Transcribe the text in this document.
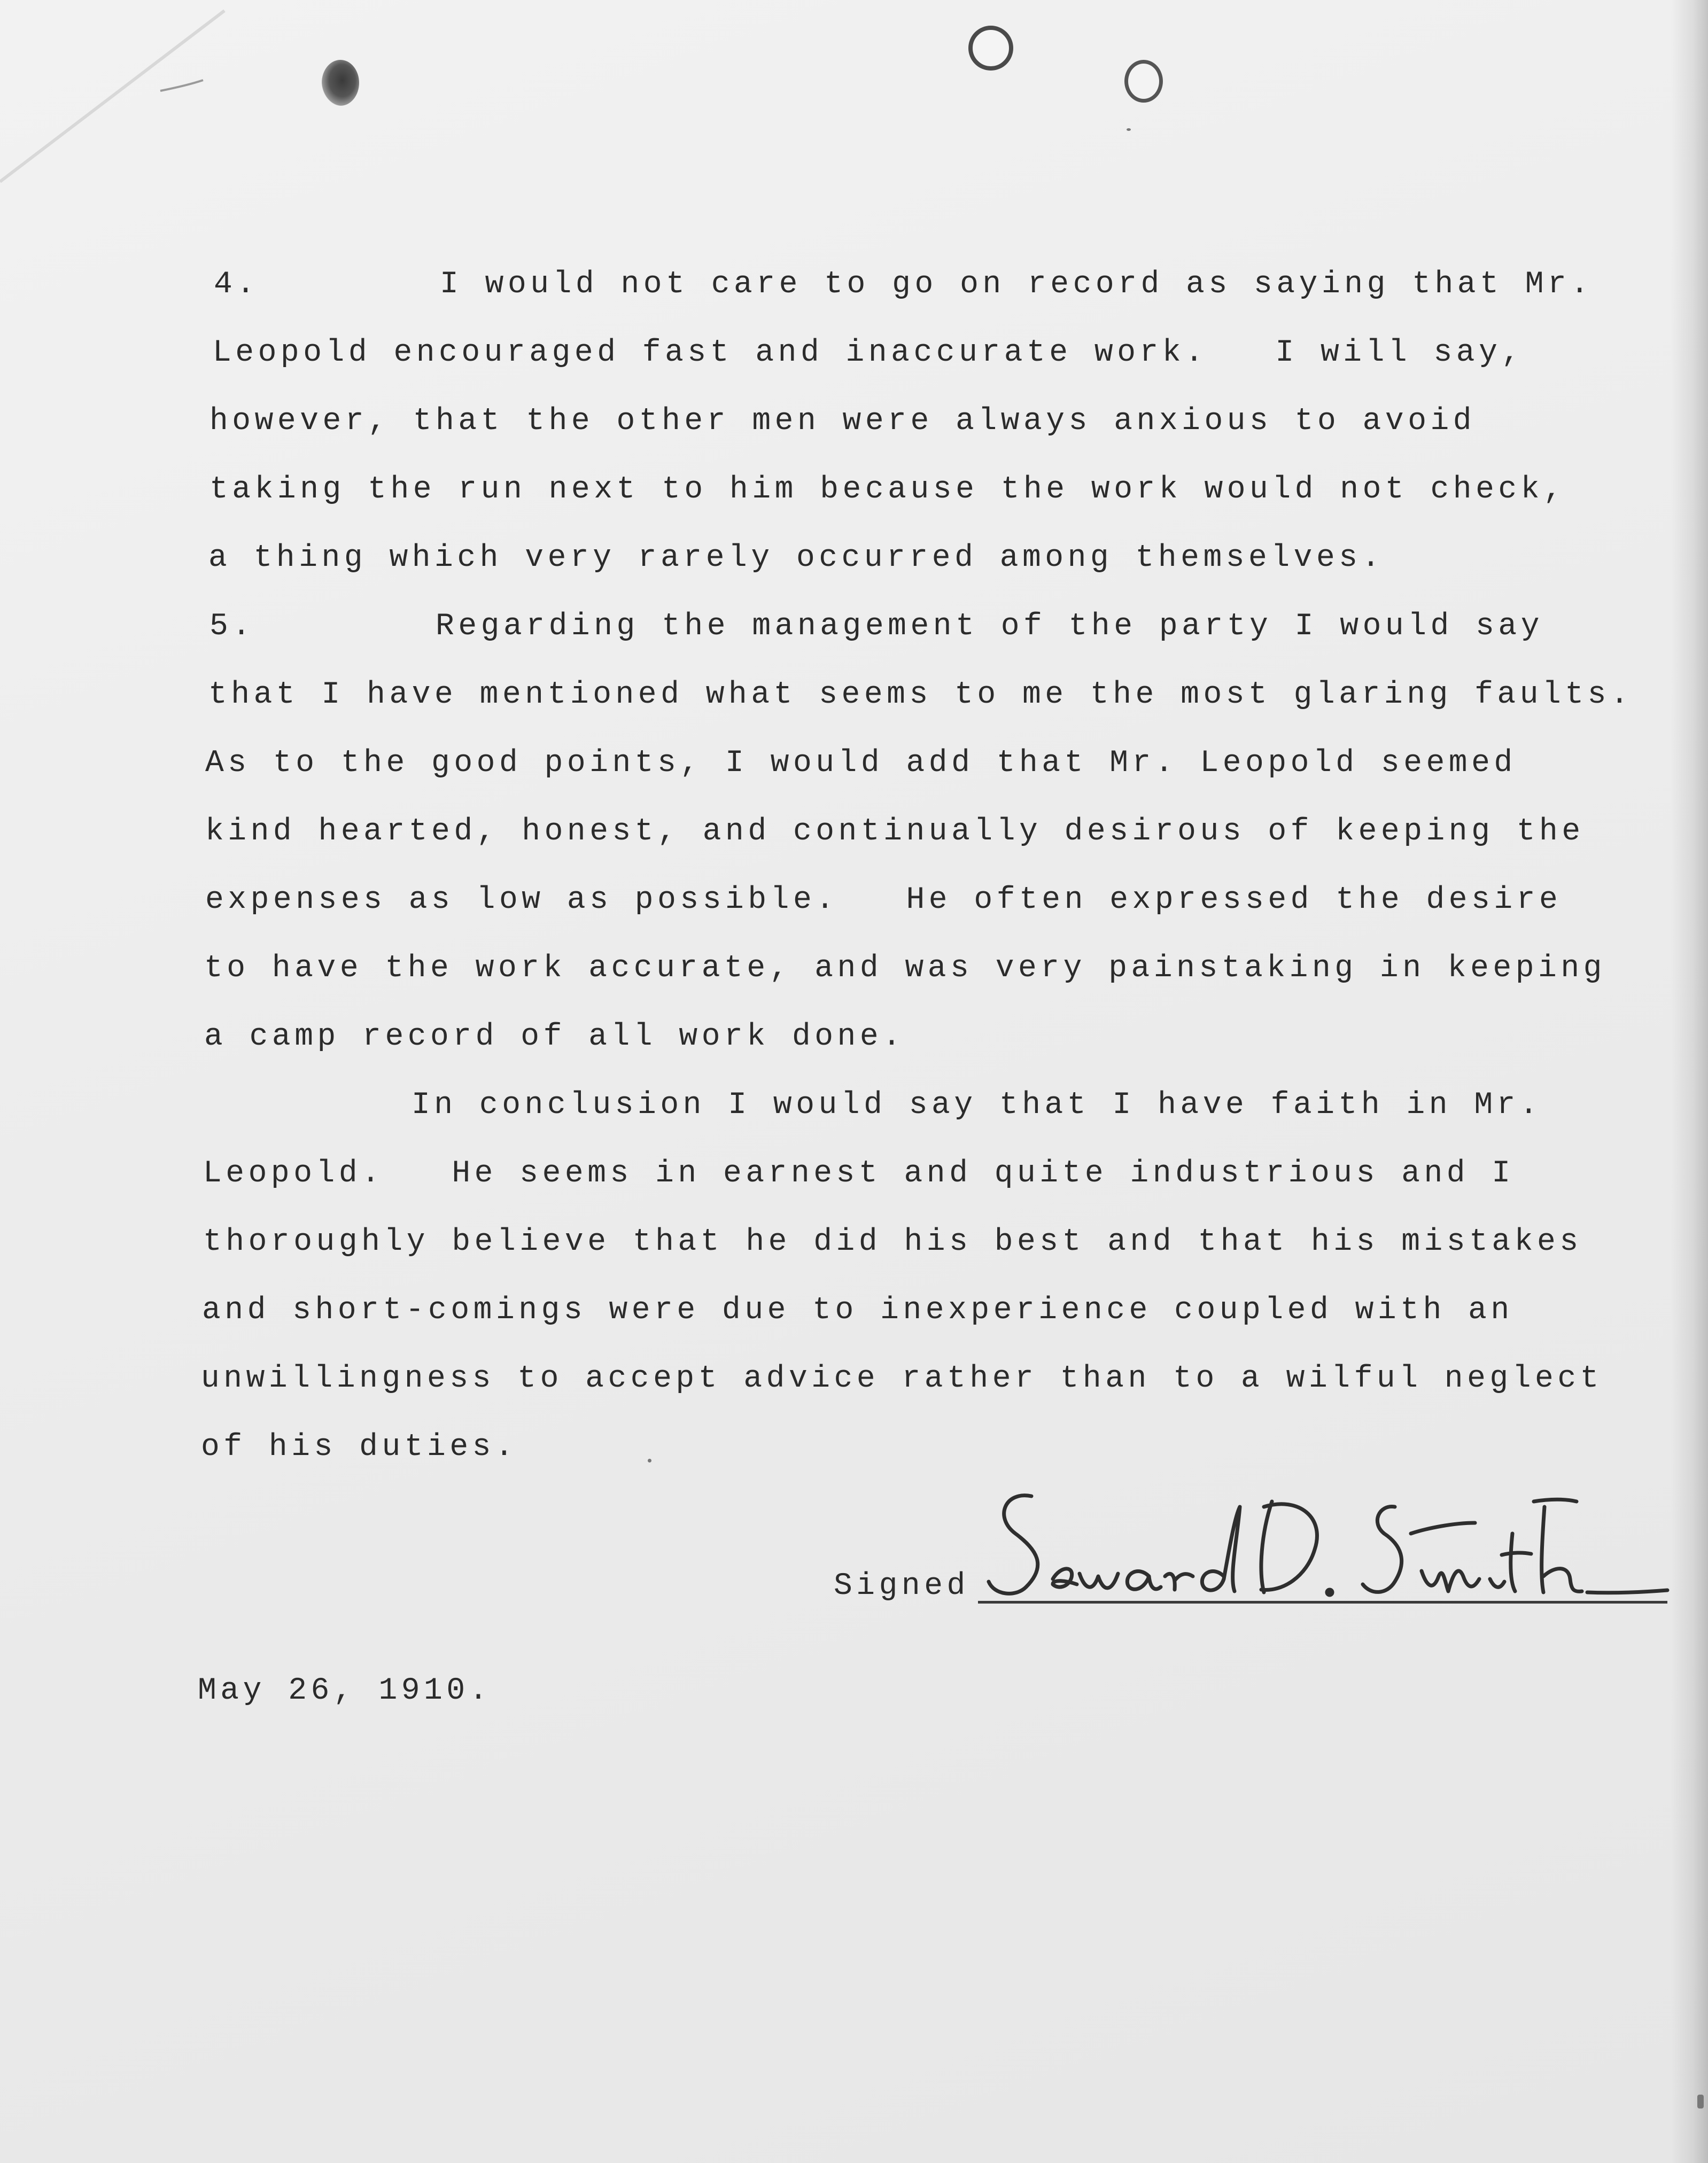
4.        I would not care to go on record as saying that Mr.
Leopold encouraged fast and inaccurate work.   I will say,
however, that the other men were always anxious to avoid
taking the run next to him because the work would not check,
a thing which very rarely occurred among themselves.
5.        Regarding the management of the party I would say
that I have mentioned what seems to me the most glaring faults.
As to the good points, I would add that Mr. Leopold seemed
kind hearted, honest, and continually desirous of keeping the
expenses as low as possible.   He often expressed the desire
to have the work accurate, and was very painstaking in keeping
a camp record of all work done.
In conclusion I would say that I have faith in Mr.
Leopold.   He seems in earnest and quite industrious and I
thoroughly believe that he did his best and that his mistakes
and short-comings were due to inexperience coupled with an
unwillingness to accept advice rather than to a wilful neglect
of his duties.
Signed
May 26, 1910.
